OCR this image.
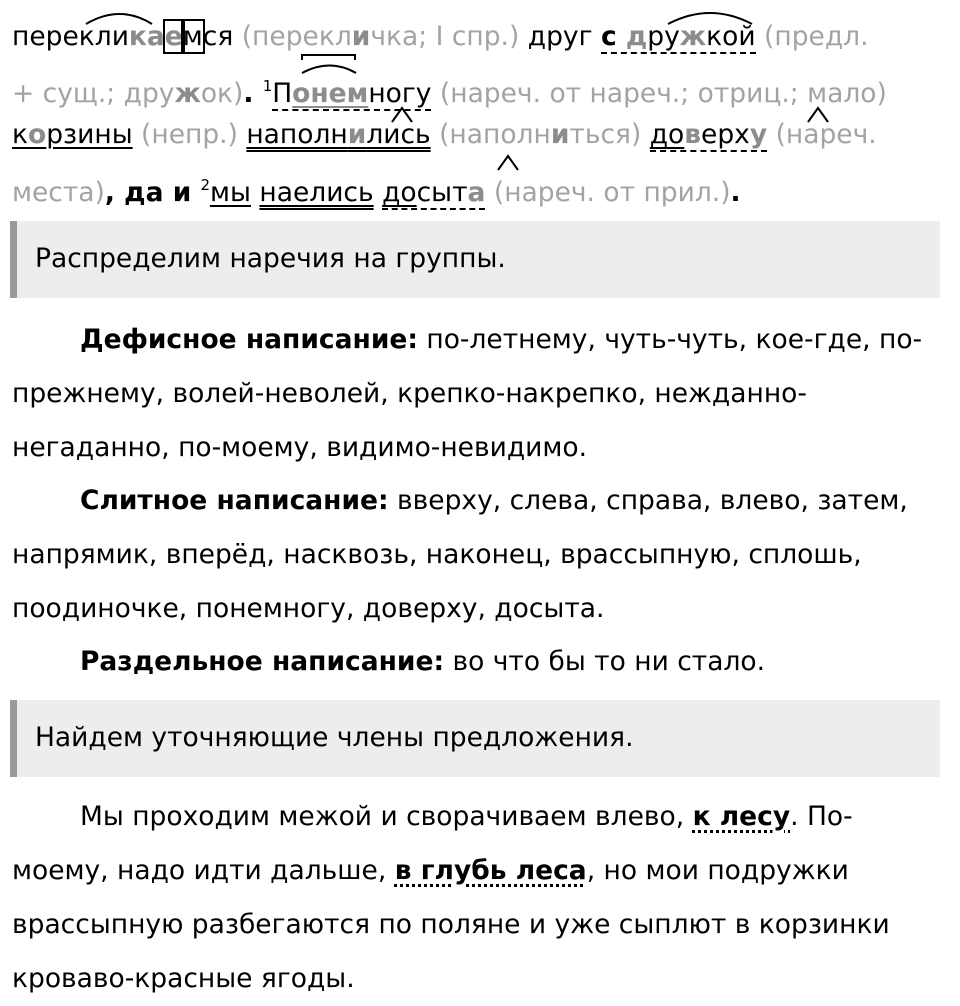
перекликаемся (перекличка; I спр.) друг с дружкой (предл.
+ сущ.; дружок). $^1$Понемногу (нареч. от нареч.; отриц.; мало)
корзины (непр.) наполнились (наполниться) доверху (нареч.
места), да и $^2$мы наелись досыта (нареч. от прил.).
Распределим наречия на группы.
Дефисное написание: по-летнему, чуть-чуть, кое-где, по-прежнему, волей-неволей, крепко-накрепко, нежданно-негаданно, по-моему, видимо-невидимо.
Слитное написание: вверху, слева, справа, влево, затем, напрямик, вперёд, насквозь, наконец, врассыпную, сплошь, поодиночке, понемногу, доверху, досыта.
Раздельное написание: во что бы то ни стало.
Найдем уточняющие члены предложения.
Мы проходим межой и сворачиваем влево, к лесу. По-моему, надо идти дальше, в глубь леса, но мои подружки врассыпную разбегаются по поляне и уже сыплют в корзинки кроваво-красные ягоды.
